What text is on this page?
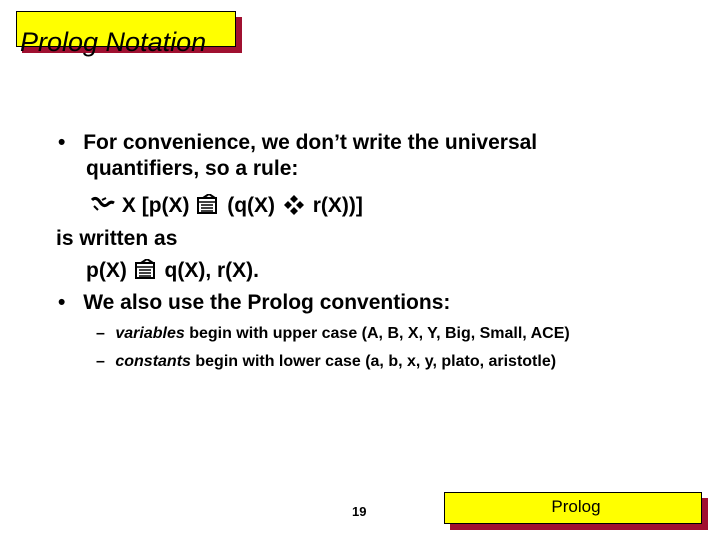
Prolog Notation
• For convenience, we don’t write the universal
quantifiers, so a rule:
X [p(X) (q(X) r(X))]
is written as
p(X) q(X), r(X).
• We also use the Prolog conventions:
– variables begin with upper case (A, B, X, Y, Big, Small, ACE)
– constants begin with lower case (a, b, x, y, plato, aristotle)
19	Prolog
